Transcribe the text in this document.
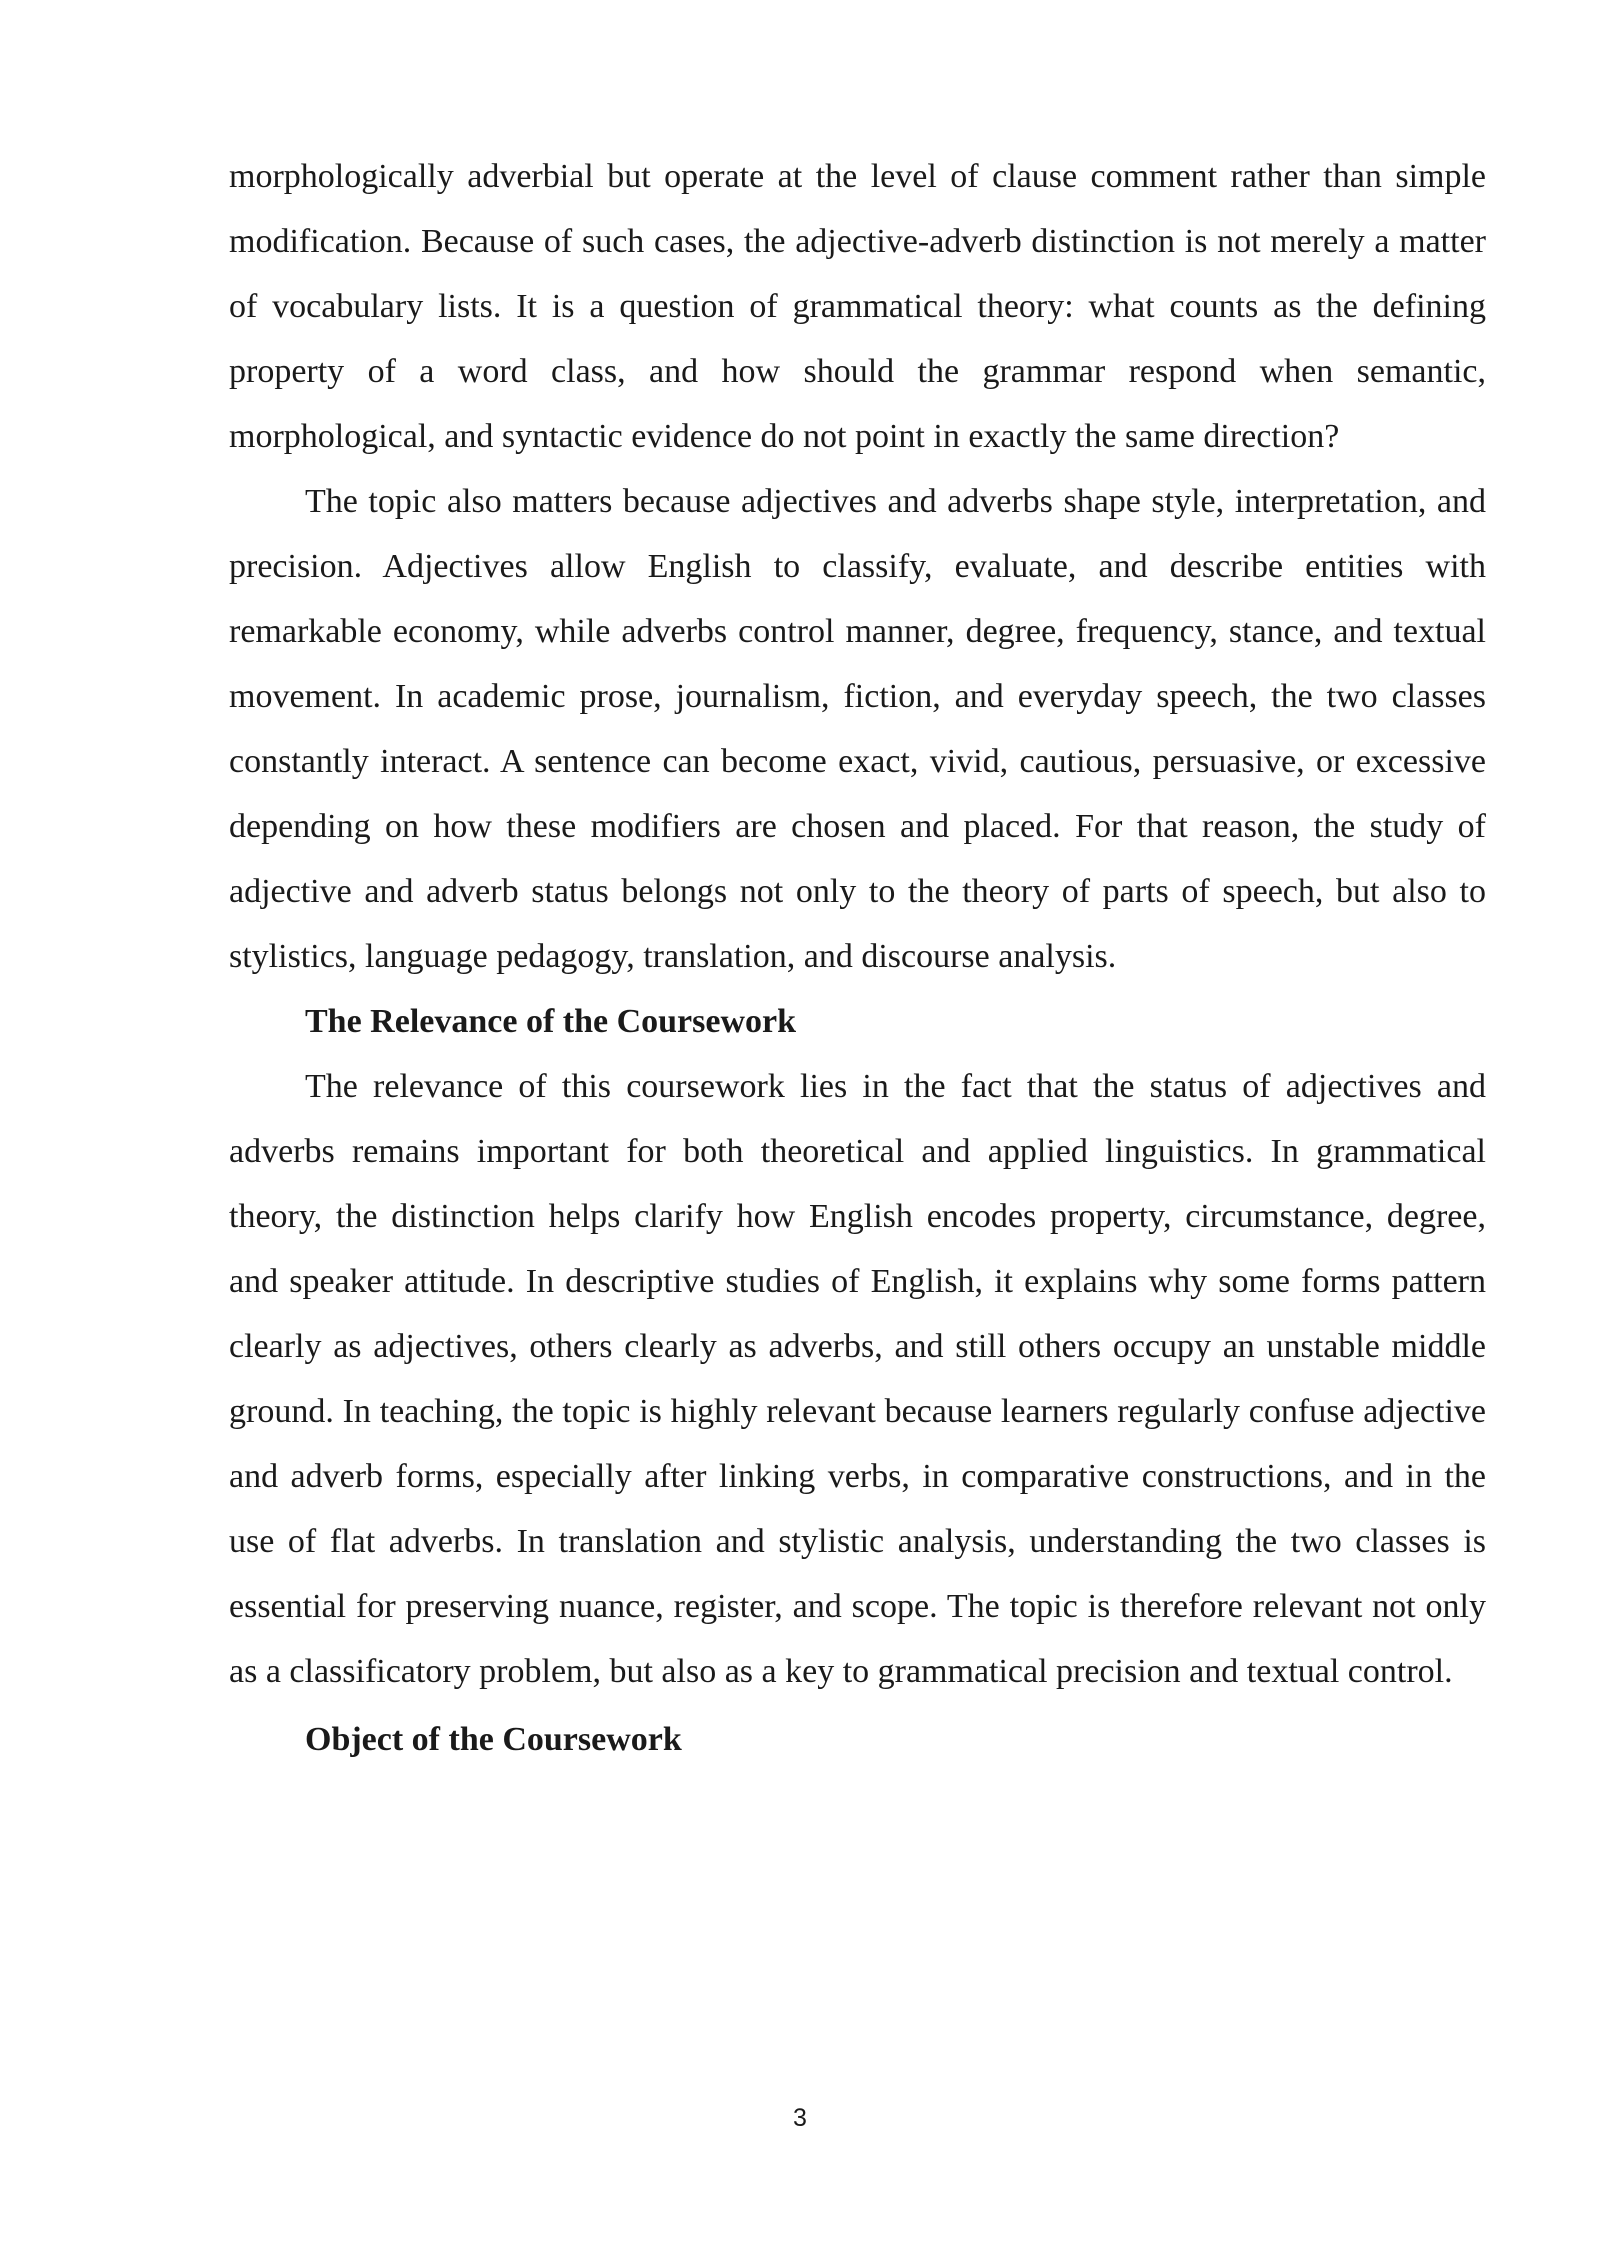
morphologically adverbial but operate at the level of clause comment rather than simple modification. Because of such cases, the adjective-adverb distinction is not merely a matter of vocabulary lists. It is a question of grammatical theory: what counts as the defining property of a word class, and how should the grammar respond when semantic, morphological, and syntactic evidence do not point in exactly the same direction?

The topic also matters because adjectives and adverbs shape style, interpretation, and precision. Adjectives allow English to classify, evaluate, and describe entities with remarkable economy, while adverbs control manner, degree, frequency, stance, and textual movement. In academic prose, journalism, fiction, and everyday speech, the two classes constantly interact. A sentence can become exact, vivid, cautious, persuasive, or excessive depending on how these modifiers are chosen and placed. For that reason, the study of adjective and adverb status belongs not only to the theory of parts of speech, but also to stylistics, language pedagogy, translation, and discourse analysis.

The Relevance of the Coursework

The relevance of this coursework lies in the fact that the status of adjectives and adverbs remains important for both theoretical and applied linguistics. In grammatical theory, the distinction helps clarify how English encodes property, circumstance, degree, and speaker attitude. In descriptive studies of English, it explains why some forms pattern clearly as adjectives, others clearly as adverbs, and still others occupy an unstable middle ground. In teaching, the topic is highly relevant because learners regularly confuse adjective and adverb forms, especially after linking verbs, in comparative constructions, and in the use of flat adverbs. In translation and stylistic analysis, understanding the two classes is essential for preserving nuance, register, and scope. The topic is therefore relevant not only as a classificatory problem, but also as a key to grammatical precision and textual control.

Object of the Coursework

3
